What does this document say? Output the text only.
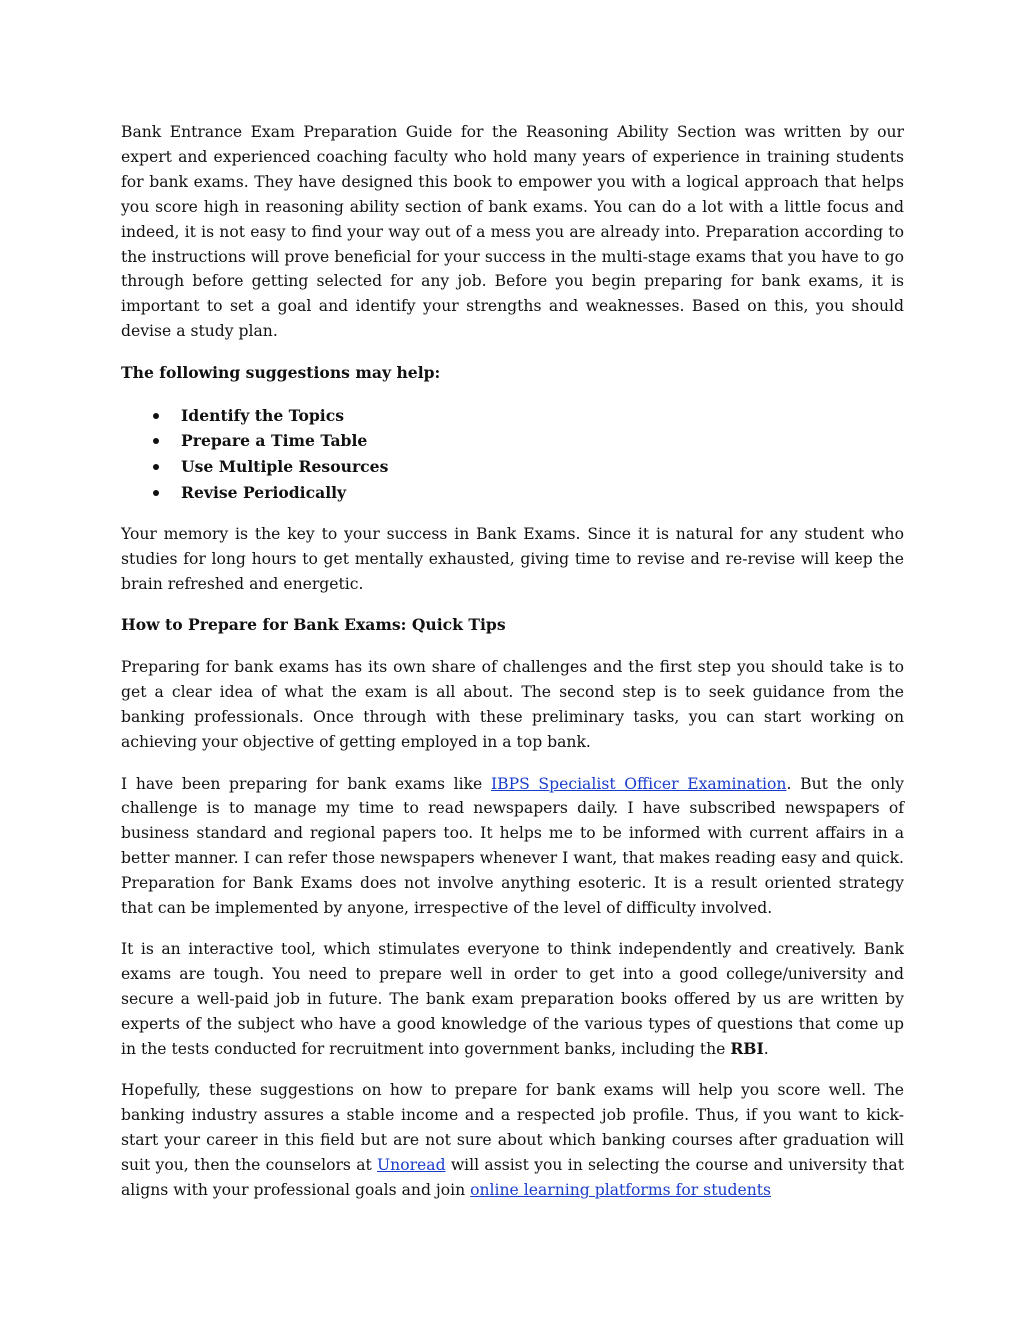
Bank Entrance Exam Preparation Guide for the Reasoning Ability Section was written by our expert and experienced coaching faculty who hold many years of experience in training students for bank exams. They have designed this book to empower you with a logical approach that helps you score high in reasoning ability section of bank exams. You can do a lot with a little focus and indeed, it is not easy to find your way out of a mess you are already into. Preparation according to the instructions will prove beneficial for your success in the multi-stage exams that you have to go through before getting selected for any job. Before you begin preparing for bank exams, it is important to set a goal and identify your strengths and weaknesses. Based on this, you should devise a study plan.

The following suggestions may help:

Identify the Topics
Prepare a Time Table
Use Multiple Resources
Revise Periodically

Your memory is the key to your success in Bank Exams. Since it is natural for any student who studies for long hours to get mentally exhausted, giving time to revise and re-revise will keep the brain refreshed and energetic.

How to Prepare for Bank Exams: Quick Tips

Preparing for bank exams has its own share of challenges and the first step you should take is to get a clear idea of what the exam is all about. The second step is to seek guidance from the banking professionals. Once through with these preliminary tasks, you can start working on achieving your objective of getting employed in a top bank.

I have been preparing for bank exams like IBPS Specialist Officer Examination. But the only challenge is to manage my time to read newspapers daily. I have subscribed newspapers of business standard and regional papers too. It helps me to be informed with current affairs in a better manner. I can refer those newspapers whenever I want, that makes reading easy and quick. Preparation for Bank Exams does not involve anything esoteric. It is a result oriented strategy that can be implemented by anyone, irrespective of the level of difficulty involved.

It is an interactive tool, which stimulates everyone to think independently and creatively. Bank exams are tough. You need to prepare well in order to get into a good college/university and secure a well-paid job in future. The bank exam preparation books offered by us are written by experts of the subject who have a good knowledge of the various types of questions that come up in the tests conducted for recruitment into government banks, including the RBI.

Hopefully, these suggestions on how to prepare for bank exams will help you score well. The banking industry assures a stable income and a respected job profile. Thus, if you want to kick-start your career in this field but are not sure about which banking courses after graduation will suit you, then the counselors at Unoread will assist you in selecting the course and university that aligns with your professional goals and join online learning platforms for students
